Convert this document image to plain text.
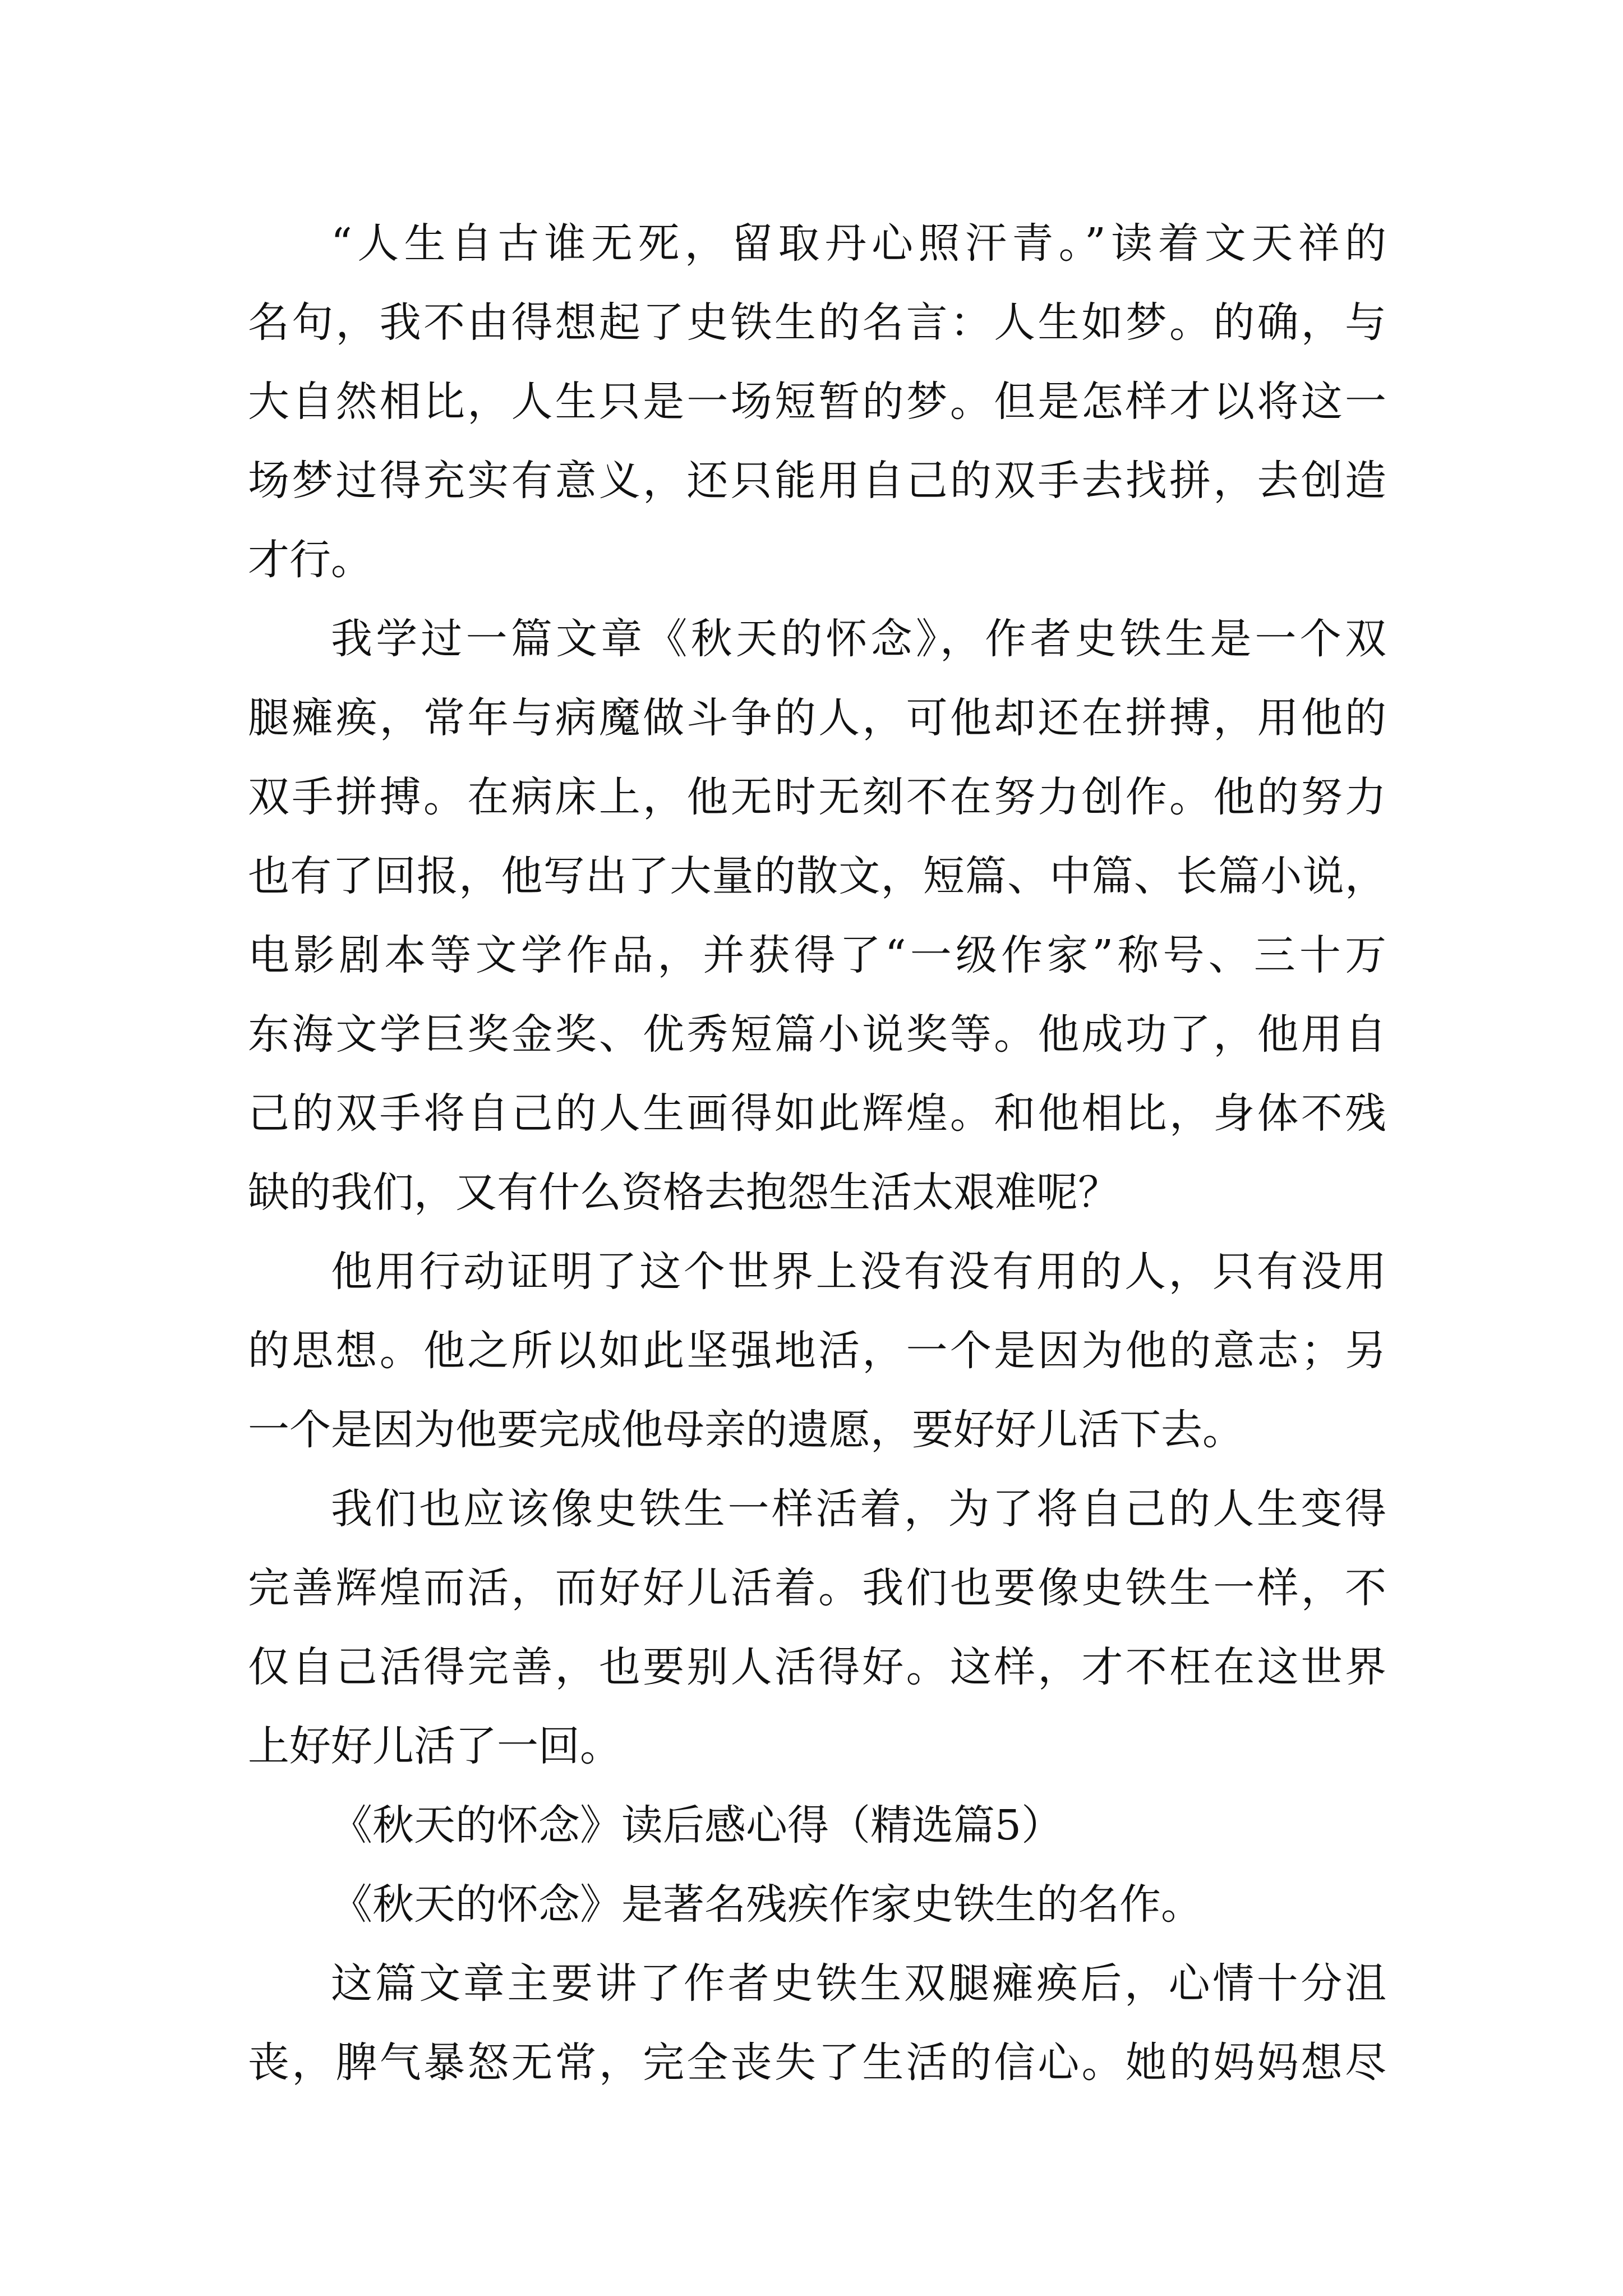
“人生自古谁无死，留取丹心照汗青。”读着文天祥的
名句，我不由得想起了史铁生的名言：人生如梦。的确，与
大自然相比，人生只是一场短暂的梦。但是怎样才以将这一
场梦过得充实有意义，还只能用自己的双手去找拼，去创造
才行。
我学过一篇文章《秋天的怀念》，作者史铁生是一个双
腿瘫痪，常年与病魔做斗争的人，可他却还在拼搏，用他的
双手拼搏。在病床上，他无时无刻不在努力创作。他的努力
也有了回报，他写出了大量的散文，短篇、中篇、长篇小说，
电影剧本等文学作品，并获得了“一级作家”称号、三十万
东海文学巨奖金奖、优秀短篇小说奖等。他成功了，他用自
己的双手将自己的人生画得如此辉煌。和他相比，身体不残
缺的我们，又有什么资格去抱怨生活太艰难呢？
他用行动证明了这个世界上没有没有用的人，只有没用
的思想。他之所以如此坚强地活，一个是因为他的意志；另
一个是因为他要完成他母亲的遗愿，要好好儿活下去。
我们也应该像史铁生一样活着，为了将自己的人生变得
完善辉煌而活，而好好儿活着。我们也要像史铁生一样，不
仅自己活得完善，也要别人活得好。这样，才不枉在这世界
上好好儿活了一回。
《秋天的怀念》读后感心得（精选篇5）
《秋天的怀念》是著名残疾作家史铁生的名作。
这篇文章主要讲了作者史铁生双腿瘫痪后，心情十分沮
丧，脾气暴怒无常，完全丧失了生活的信心。她的妈妈想尽
